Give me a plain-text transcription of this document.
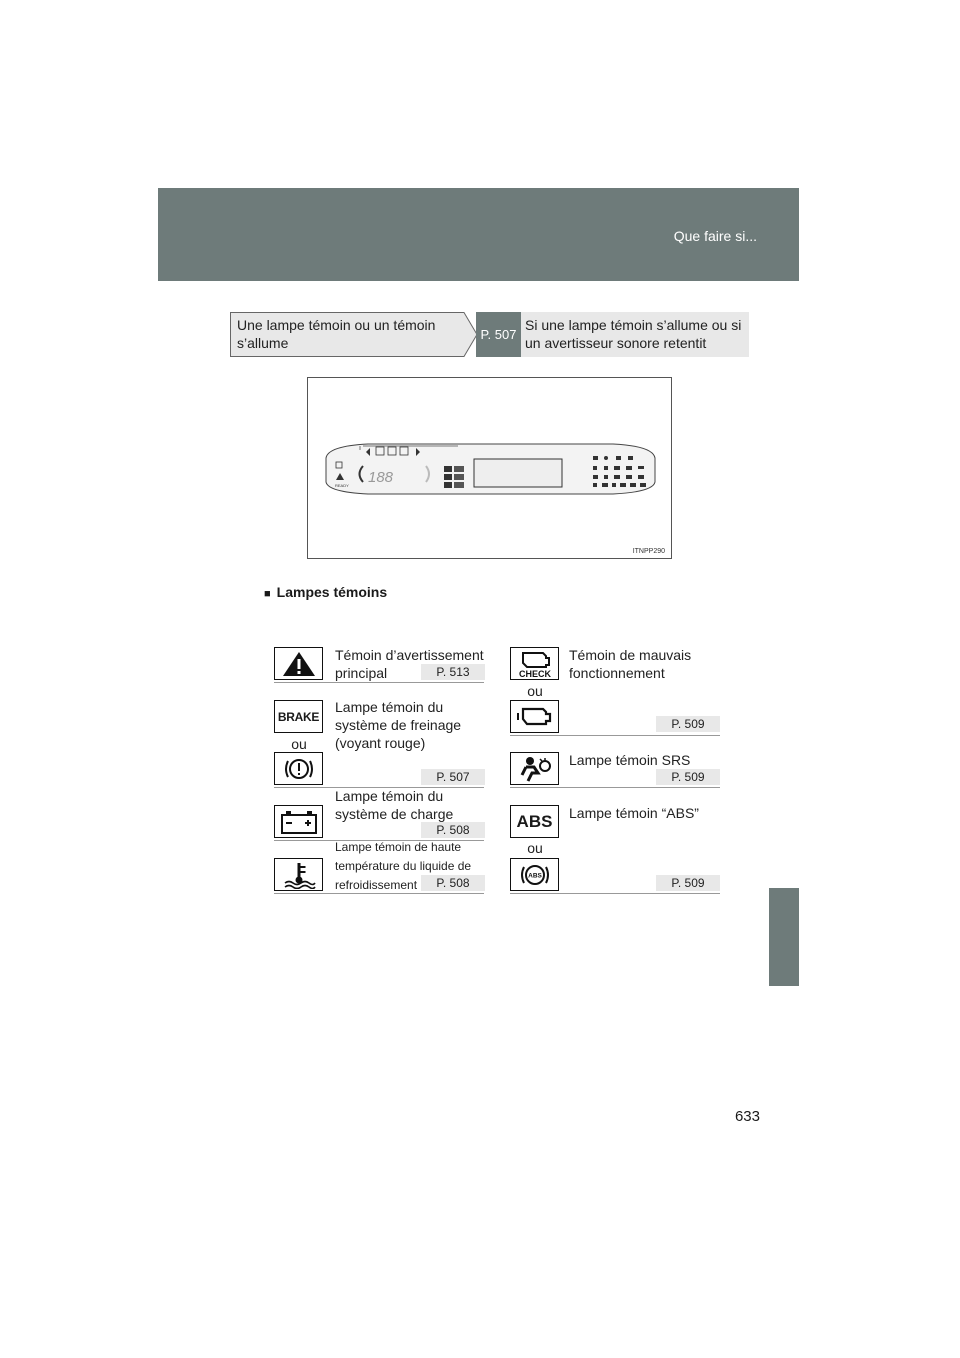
Que faire si...
Une lampe témoin ou un témoin
s’allume
P. 507
Si une lampe témoin s’allume ou si
un avertisseur sonore retentit
READY 188
ITNPP290
■ Lampes témoins
Témoin d’avertissement
principal	P. 513
BRAKE
ou
Lampe témoin du
système de freinage
(voyant rouge)
P. 507
Lampe témoin du
système de charge
P. 508
Lampe témoin de haute
température du liquide de
refroidissement	P. 508
CHECK
Témoin de mauvais
fonctionnement
ou
P. 509
Lampe témoin SRS
P. 509
ABS Lampe témoin “ABS”
ou
ABS
P. 509
633
